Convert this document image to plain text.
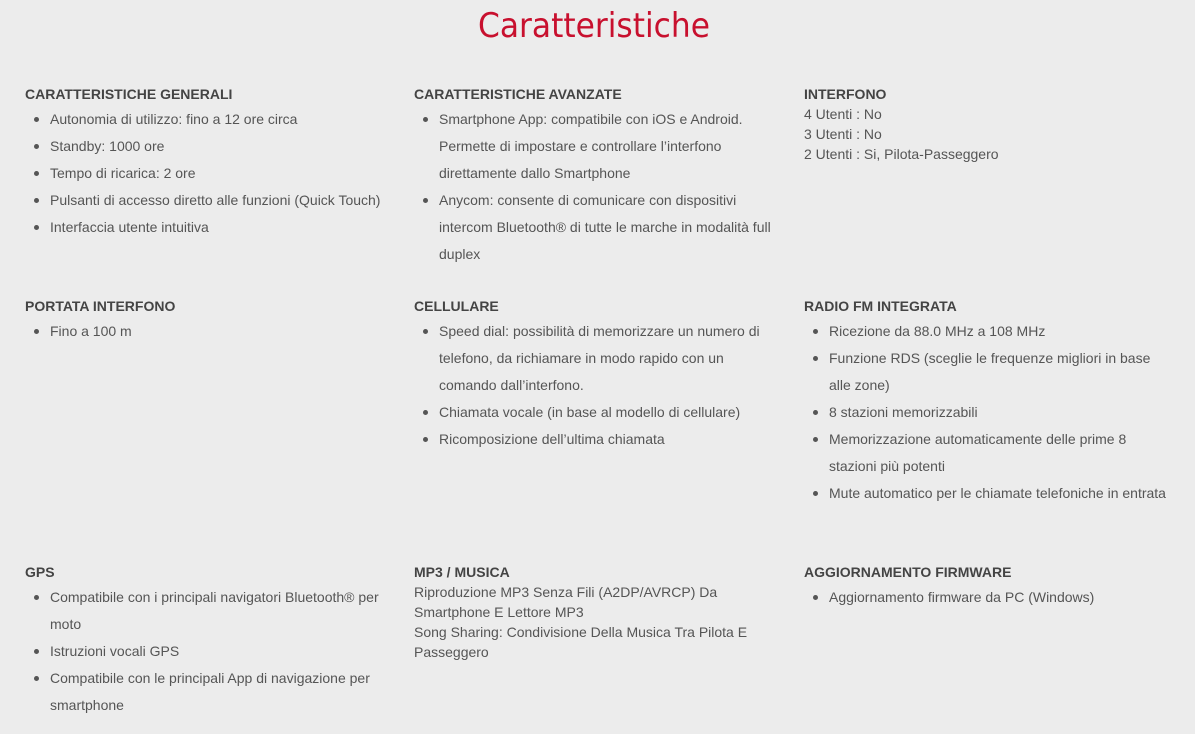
Caratteristiche
CARATTERISTICHE GENERALI
Autonomia di utilizzo: fino a 12 ore circa
Standby: 1000 ore
Tempo di ricarica: 2 ore
Pulsanti di accesso diretto alle funzioni (Quick Touch)
Interfaccia utente intuitiva
CARATTERISTICHE AVANZATE
Smartphone App: compatibile con iOS e Android. Permette di impostare e controllare l’interfono direttamente dallo Smartphone
Anycom: consente di comunicare con dispositivi intercom Bluetooth® di tutte le marche in modalità full duplex
INTERFONO

4 Utenti : No

3 Utenti : No

2 Utenti : Si, Pilota-Passeggero

PORTATA INTERFONO
Fino a 100 m
CELLULARE
Speed dial: possibilità di memorizzare un numero di telefono, da richiamare in modo rapido con un comando dall’interfono.
Chiamata vocale (in base al modello di cellulare)
Ricomposizione dell’ultima chiamata
RADIO FM INTEGRATA
Ricezione da 88.0 MHz a 108 MHz
Funzione RDS (sceglie le frequenze migliori in base alle zone)
8 stazioni memorizzabili
Memorizzazione automaticamente delle prime 8 stazioni più potenti
Mute automatico per le chiamate telefoniche in entrata
GPS
Compatibile con i principali navigatori Bluetooth® per moto
Istruzioni vocali GPS
Compatibile con le principali App di navigazione per smartphone
MP3 / MUSICA

Riproduzione MP3 Senza Fili (A2DP/AVRCP) Da Smartphone E Lettore MP3

Song Sharing: Condivisione Della Musica Tra Pilota E Passeggero

AGGIORNAMENTO FIRMWARE
Aggiornamento firmware da PC (Windows)
